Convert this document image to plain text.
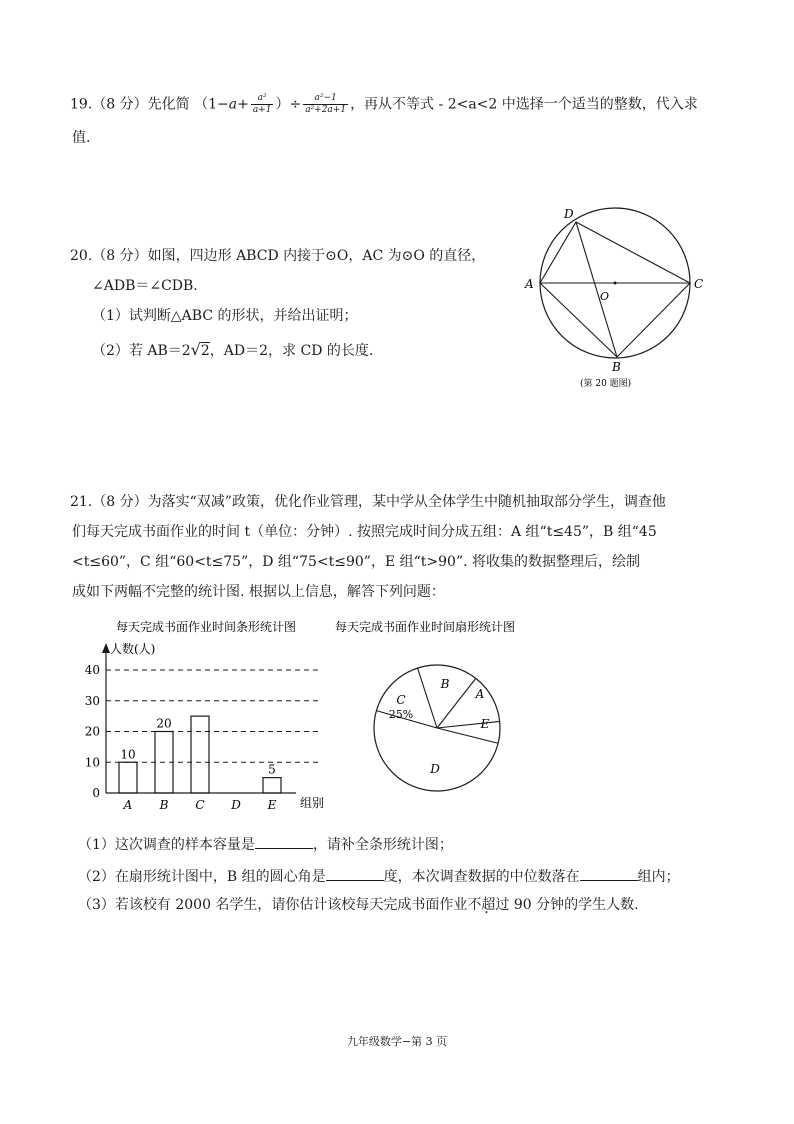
19.（8 分）先化简 （$1-a+ \frac{\text{a²}}{a+1}$ ）÷ $\frac{\text{a²−1}}{\text{a²+2a+1}}$ ，再从不等式 - 2<a<2 中选择一个适当的整数，代入求
值.
20.（8 分）如图，四边形 ABCD 内接于⊙O，AC 为⊙O 的直径，
∠ADB＝∠CDB.
（1）试判断△ABC 的形状，并给出证明；
（2）若 AB＝2√2，AD＝2，求 CD 的长度.
D
A	C
B
O
(第 20 题图)
21.（8 分）为落实“双减”政策，优化作业管理，某中学从全体学生中随机抽取部分学生，调查他
们每天完成书面作业的时间 t（单位：分钟）. 按照完成时间分成五组：A 组“t≤45”，B 组“45
<t≤60”，C 组“60<t≤75”，D 组“75<t≤90”，E 组“t>90”. 将收集的数据整理后，绘制
成如下两幅不完整的统计图. 根据以上信息，解答下列问题：
每天完成书面作业时间条形统计图
人数(人)
组别
0
10
20
30
40
A B C D E
10
20
5
每天完成书面作业时间扇形统计图
A
B
C
25%
D
E
（1）这次调查的样本容量是	，请补全条形统计图；
（2）在扇形统计图中，B 组的圆心角是	度，本次调查数据的中位数落在	组内；
（3）若该校有 2000 名学生，请你估计该校每天完成书面作业不超过 90 分钟的学生人数.
九年级数学−第 3 页
